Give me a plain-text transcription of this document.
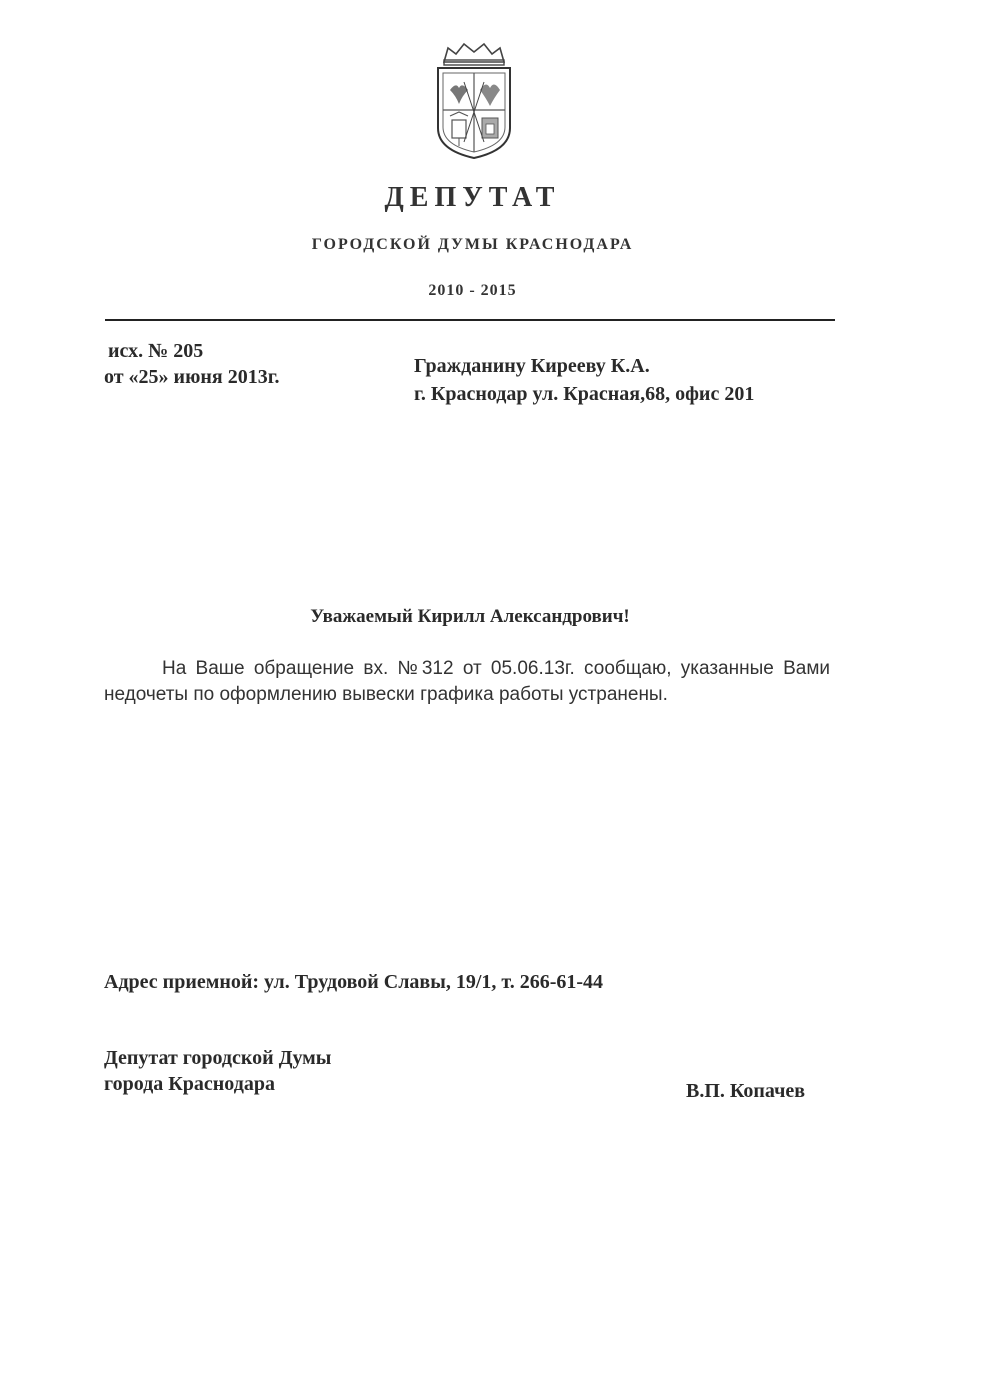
ДЕПУТАТ
ГОРОДСКОЙ ДУМЫ КРАСНОДАРА
2010 - 2015
исх. № 205
от «25» июня 2013г.	Гражданину Кирееву К.А.
г. Краснодар ул. Красная,68, офис 201
Уважаемый Кирилл Александрович!
На Ваше обращение вх. №312 от 05.06.13г. сообщаю, указанные Вами недочеты по оформлению вывески графика работы устранены.
Адрес приемной: ул. Трудовой Славы, 19/1, т. 266-61-44
Депутат городской Думы
города Краснодара	В.П. Копачев
